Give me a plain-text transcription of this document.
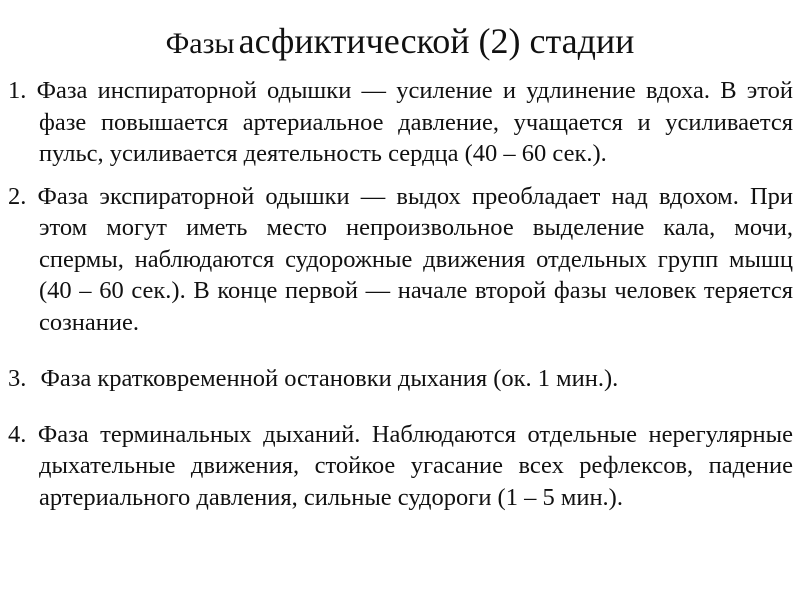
Фазы асфиктической (2) стадии

1. Фаза инспираторной одышки — усиление и удлинение вдоха. В этой фазе повышается артериальное давление, учащается и усиливается пульс, усиливается деятельность сердца (40 – 60 сек.).

2. Фаза экспираторной одышки — выдох преобладает над вдохом. При этом могут иметь место непроизвольное выделение кала, мочи, спермы, наблюдаются судорожные движения отдельных групп мышц (40 – 60 сек.). В конце первой — начале второй фазы человек теряется сознание.

3. Фаза кратковременной остановки дыхания (ок. 1 мин.).

4. Фаза терминальных дыханий. Наблюдаются отдельные нерегулярные дыхательные движения, стойкое угасание всех рефлексов, падение артериального давления, сильные судороги (1 – 5 мин.).
